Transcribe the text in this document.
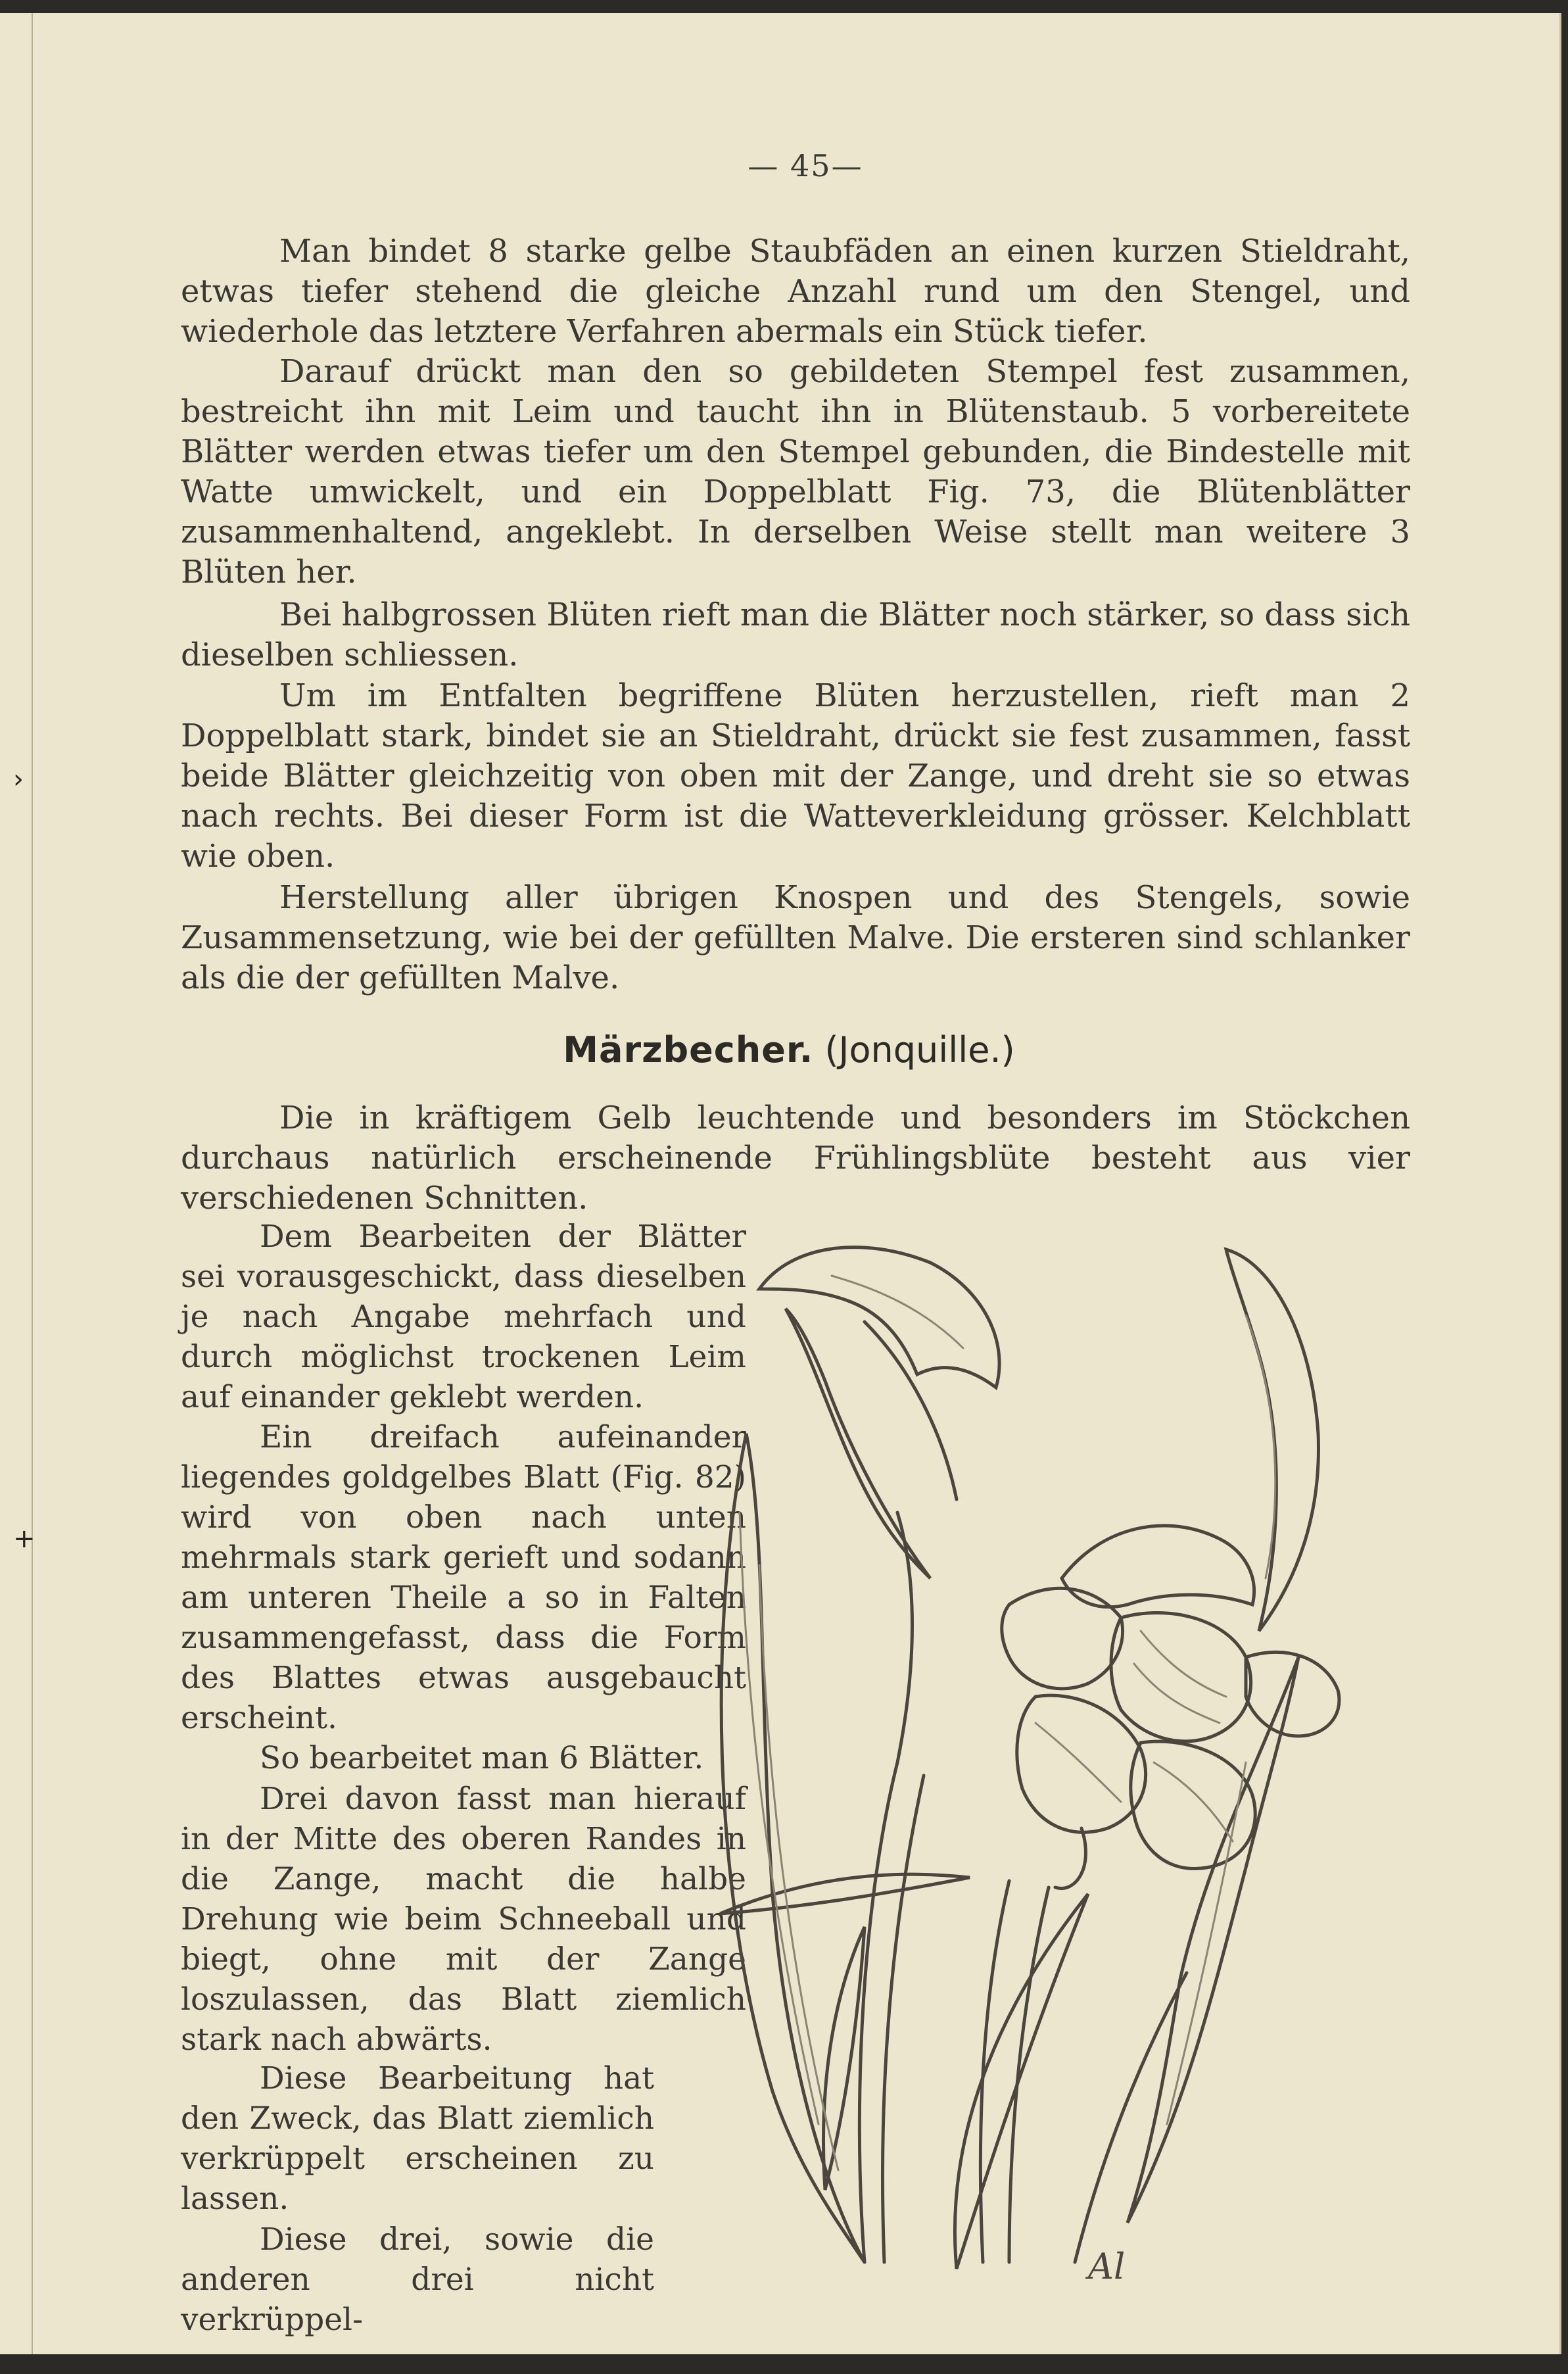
›
+
— 45—

Man bindet 8 starke gelbe Staubfäden an einen kurzen Stieldraht, etwas tiefer stehend die gleiche Anzahl rund um den Stengel, und wiederhole das letztere Verfahren abermals ein Stück tiefer.

Darauf drückt man den so gebildeten Stempel fest zusammen, bestreicht ihn mit Leim und taucht ihn in Blütenstaub. 5 vorbereitete Blätter werden etwas tiefer um den Stempel gebunden, die Bindestelle mit Watte umwickelt, und ein Doppelblatt Fig. 73, die Blütenblätter zusammenhaltend, angeklebt. In derselben Weise stellt man weitere 3 Blüten her.

Bei halbgrossen Blüten rieft man die Blätter noch stärker, so dass sich dieselben schliessen.

Um im Entfalten begriffene Blüten herzustellen, rieft man 2 Doppelblatt stark, bindet sie an Stieldraht, drückt sie fest zusammen, fasst beide Blätter gleichzeitig von oben mit der Zange, und dreht sie so etwas nach rechts. Bei dieser Form ist die Watteverkleidung grösser. Kelchblatt wie oben.

Herstellung aller übrigen Knospen und des Stengels, sowie Zusammensetzung, wie bei der gefüllten Malve. Die ersteren sind schlanker als die der gefüllten Malve.

Märzbecher. (Jonquille.)

Die in kräftigem Gelb leuchtende und besonders im Stöckchen durchaus natürlich erscheinende Frühlingsblüte besteht aus vier verschiedenen Schnitten.

Dem Bearbeiten der Blätter sei vorausgeschickt, dass dieselben je nach Angabe mehrfach und durch möglichst trockenen Leim auf einander geklebt werden.

Ein dreifach aufeinander liegendes goldgelbes Blatt (Fig. 82) wird von oben nach unten mehrmals stark gerieft und sodann am unteren Theile a so in Falten zusammengefasst, dass die Form des Blattes etwas ausgebaucht erscheint.

So bearbeitet man 6 Blätter.

Drei davon fasst man hierauf in der Mitte des oberen Randes in die Zange, macht die halbe Drehung wie beim Schneeball und biegt, ohne mit der Zange loszulassen, das Blatt ziemlich stark nach abwärts.

Diese Bearbeitung hat den Zweck, das Blatt ziemlich verkrüppelt erscheinen zu lassen.

Diese drei, sowie die anderen drei nicht verkrüppel-

Al
